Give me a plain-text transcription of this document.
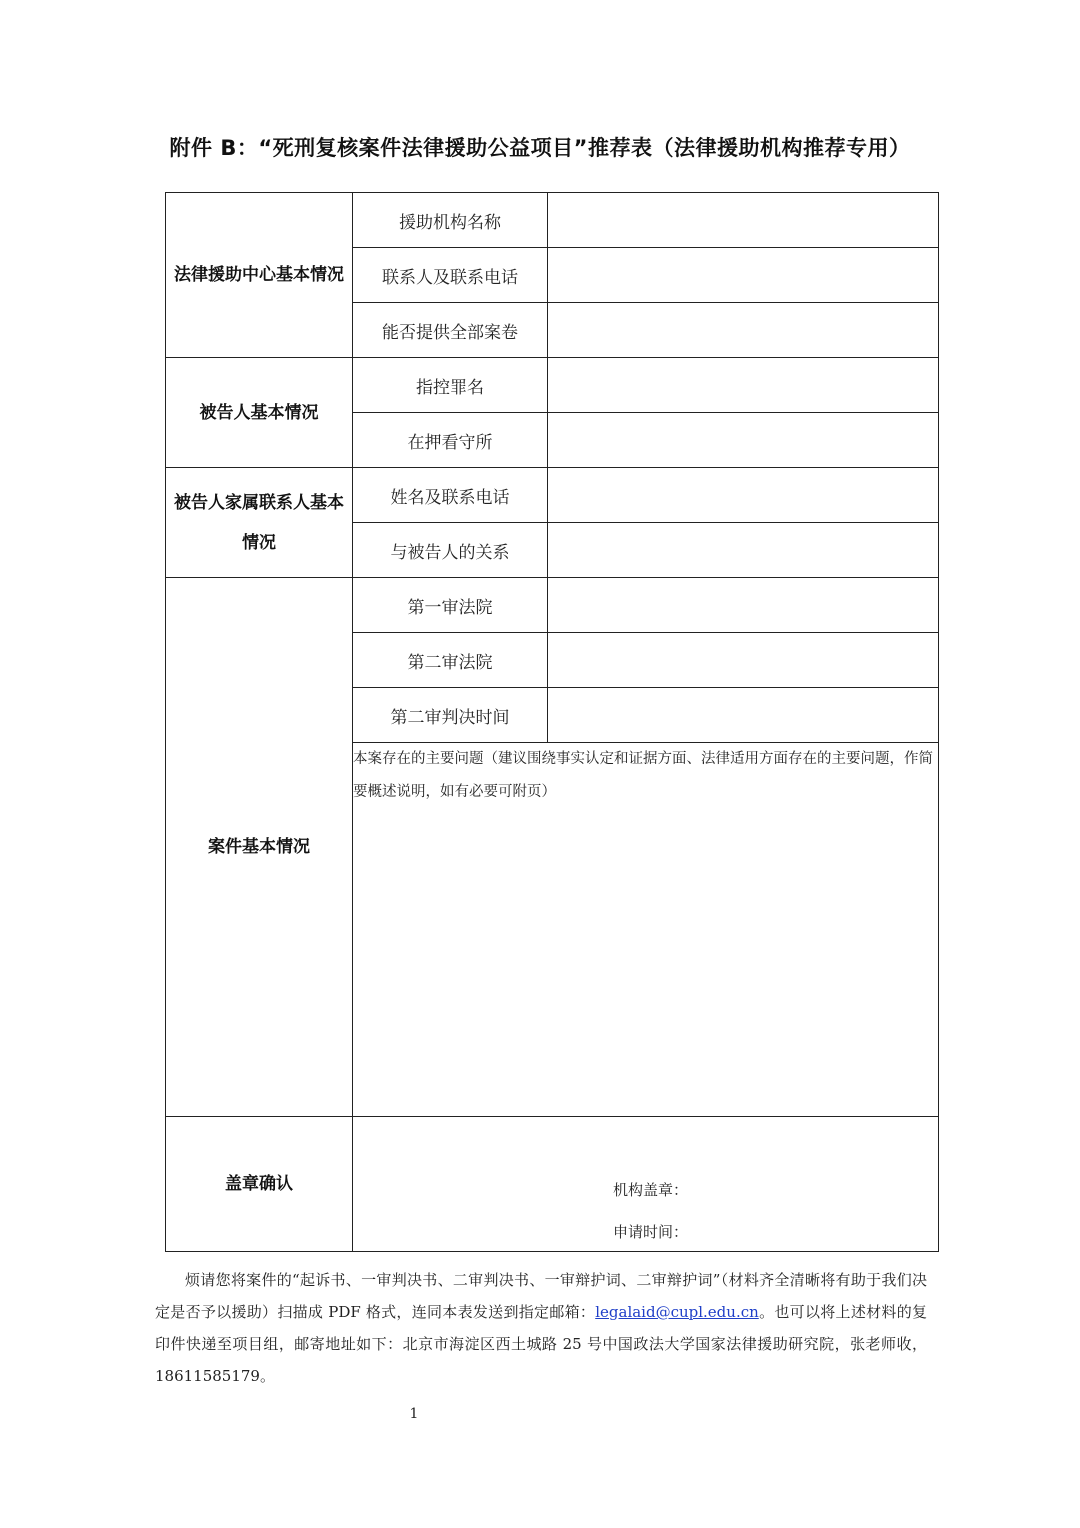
附件 B：“死刑复核案件法律援助公益项目”推荐表（法律援助机构推荐专用）
法律援助中心基本情况	援助机构名称	
	联系人及联系电话	
	能否提供全部案卷	
被告人基本情况	指控罪名	
	在押看守所	
被告人家属联系人基本情况	姓名及联系电话	
	与被告人的关系	
案件基本情况	第一审法院	
	第二审法院	
	第二审判决时间	
	本案存在的主要问题（建议围绕事实认定和证据方面、法律适用方面存在的主要问题，作简要概述说明，如有必要可附页）	
盖章确认	机构盖章：
申请时间：	
烦请您将案件的“起诉书、一审判决书、二审判决书、一审辩护词、二审辩护词”（材料齐全清晰将有助于我们决定是否予以援助）扫描成 PDF 格式，连同本表发送到指定邮箱：legalaid@cupl.edu.cn。也可以将上述材料的复印件快递至项目组，邮寄地址如下：北京市海淀区西土城路 25 号中国政法大学国家法律援助研究院，张老师收，18611585179。
1
